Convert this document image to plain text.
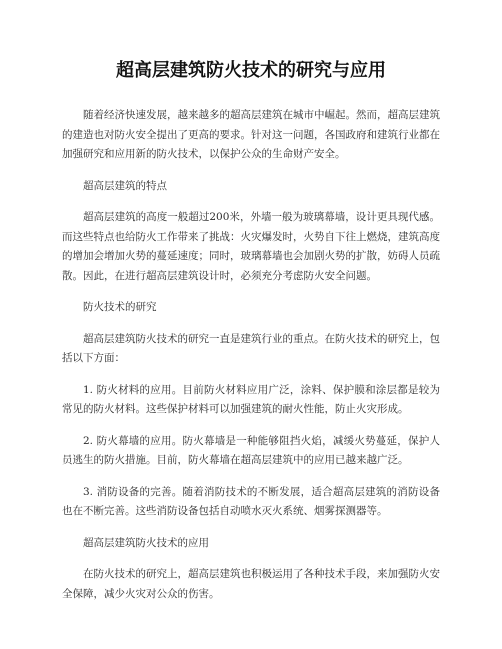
超高层建筑防火技术的研究与应用

随着经济快速发展，越来越多的超高层建筑在城市中崛起。然而，超高层建筑的建造也对防火安全提出了更高的要求。针对这一问题，各国政府和建筑行业都在加强研究和应用新的防火技术，以保护公众的生命财产安全。

超高层建筑的特点

超高层建筑的高度一般超过200米，外墙一般为玻璃幕墙，设计更具现代感。而这些特点也给防火工作带来了挑战：火灾爆发时，火势自下往上燃烧，建筑高度的增加会增加火势的蔓延速度；同时，玻璃幕墙也会加剧火势的扩散，妨碍人员疏散。因此，在进行超高层建筑设计时，必须充分考虑防火安全问题。

防火技术的研究

超高层建筑防火技术的研究一直是建筑行业的重点。在防火技术的研究上，包括以下方面：

1. 防火材料的应用。目前防火材料应用广泛，涂料、保护膜和涂层都是较为常见的防火材料。这些保护材料可以加强建筑的耐火性能，防止火灾形成。

2. 防火幕墙的应用。防火幕墙是一种能够阻挡火焰，减缓火势蔓延，保护人员逃生的防火措施。目前，防火幕墙在超高层建筑中的应用已越来越广泛。

3. 消防设备的完善。随着消防技术的不断发展，适合超高层建筑的消防设备也在不断完善。这些消防设备包括自动喷水灭火系统、烟雾探测器等。

超高层建筑防火技术的应用

在防火技术的研究上，超高层建筑也积极运用了各种技术手段，来加强防火安全保障，减少火灾对公众的伤害。
